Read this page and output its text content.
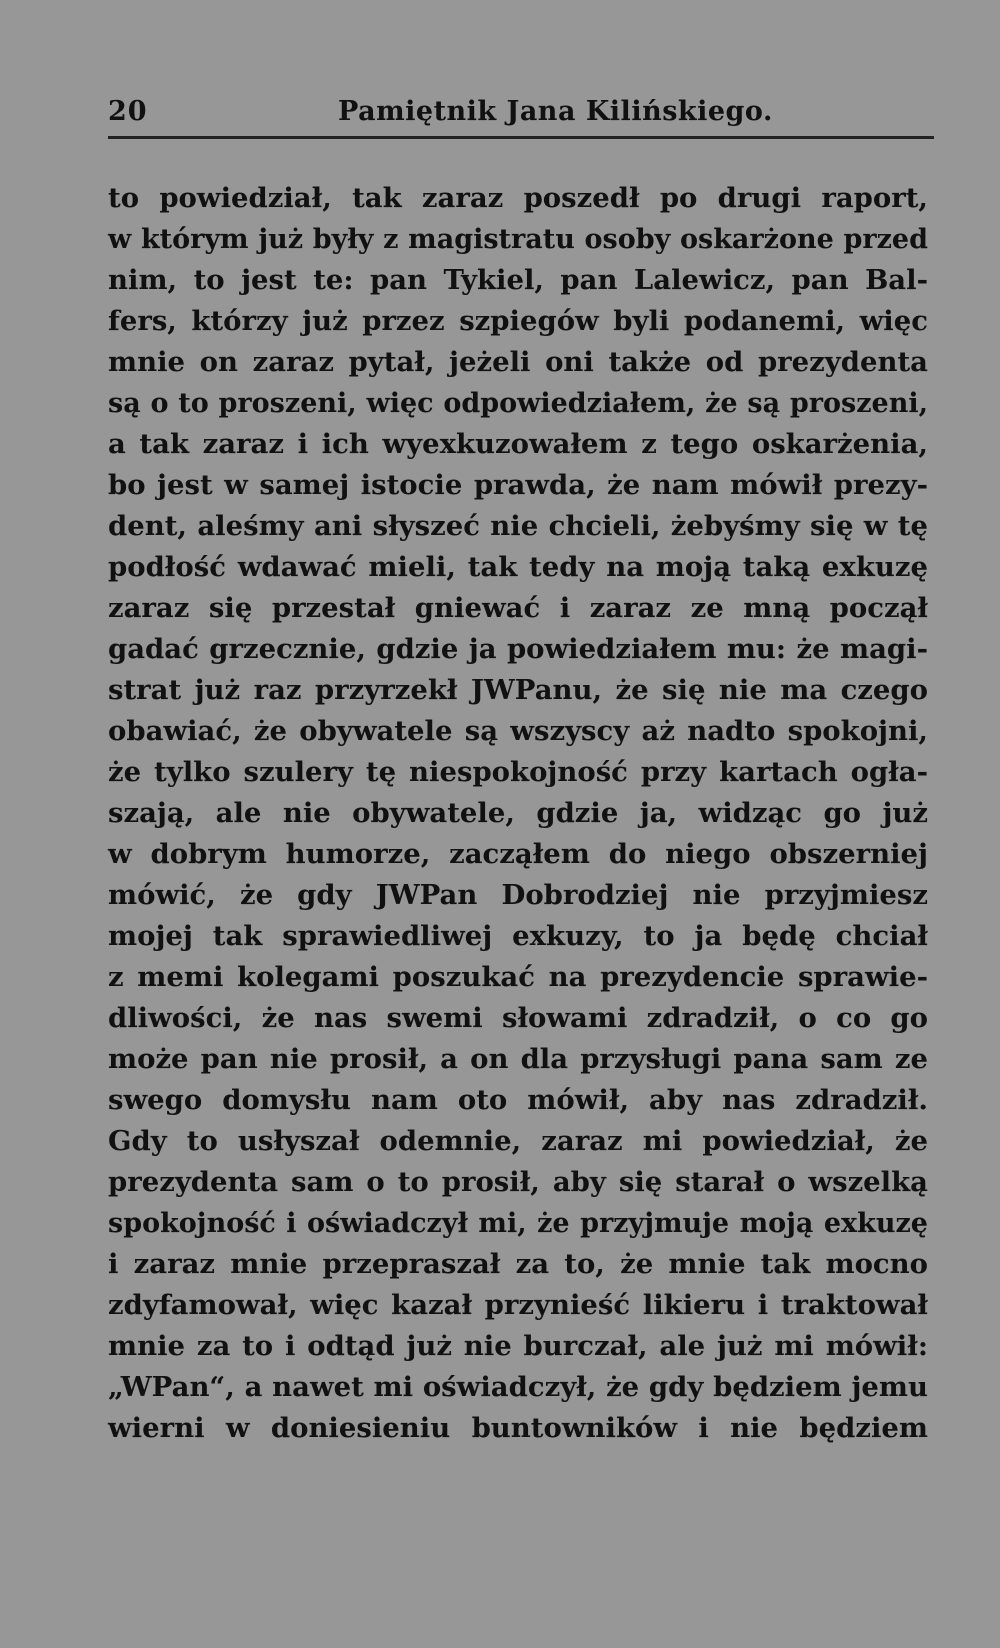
20	Pamiętnik Jana Kilińskiego.
to powiedział, tak zaraz poszedł po drugi raport,
w którym już były z magistratu osoby oskarżone przed
nim, to jest te: pan Tykiel, pan Lalewicz, pan Bal-
fers, którzy już przez szpiegów byli podanemi, więc
mnie on zaraz pytał, jeżeli oni także od prezydenta
są o to proszeni, więc odpowiedziałem, że są proszeni,
a tak zaraz i ich wyexkuzowałem z tego oskarżenia,
bo jest w samej istocie prawda, że nam mówił prezy-
dent, aleśmy ani słyszeć nie chcieli, żebyśmy się w tę
podłość wdawać mieli, tak tedy na moją taką exkuzę
zaraz się przestał gniewać i zaraz ze mną począł
gadać grzecznie, gdzie ja powiedziałem mu: że magi-
strat już raz przyrzekł JWPanu, że się nie ma czego
obawiać, że obywatele są wszyscy aż nadto spokojni,
że tylko szulery tę niespokojność przy kartach ogła-
szają, ale nie obywatele, gdzie ja, widząc go już
w dobrym humorze, zacząłem do niego obszerniej
mówić, że gdy JWPan Dobrodziej nie przyjmiesz
mojej tak sprawiedliwej exkuzy, to ja będę chciał
z memi kolegami poszukać na prezydencie sprawie-
dliwości, że nas swemi słowami zdradził, o co go
może pan nie prosił, a on dla przysługi pana sam ze
swego domysłu nam oto mówił, aby nas zdradził.
Gdy to usłyszał odemnie, zaraz mi powiedział, że
prezydenta sam o to prosił, aby się starał o wszelką
spokojność i oświadczył mi, że przyjmuje moją exkuzę
i zaraz mnie przepraszał za to, że mnie tak mocno
zdyfamował, więc kazał przynieść likieru i traktował
mnie za to i odtąd już nie burczał, ale już mi mówił:
„WPan“, a nawet mi oświadczył, że gdy będziem jemu
wierni w doniesieniu buntowników i nie będziem
